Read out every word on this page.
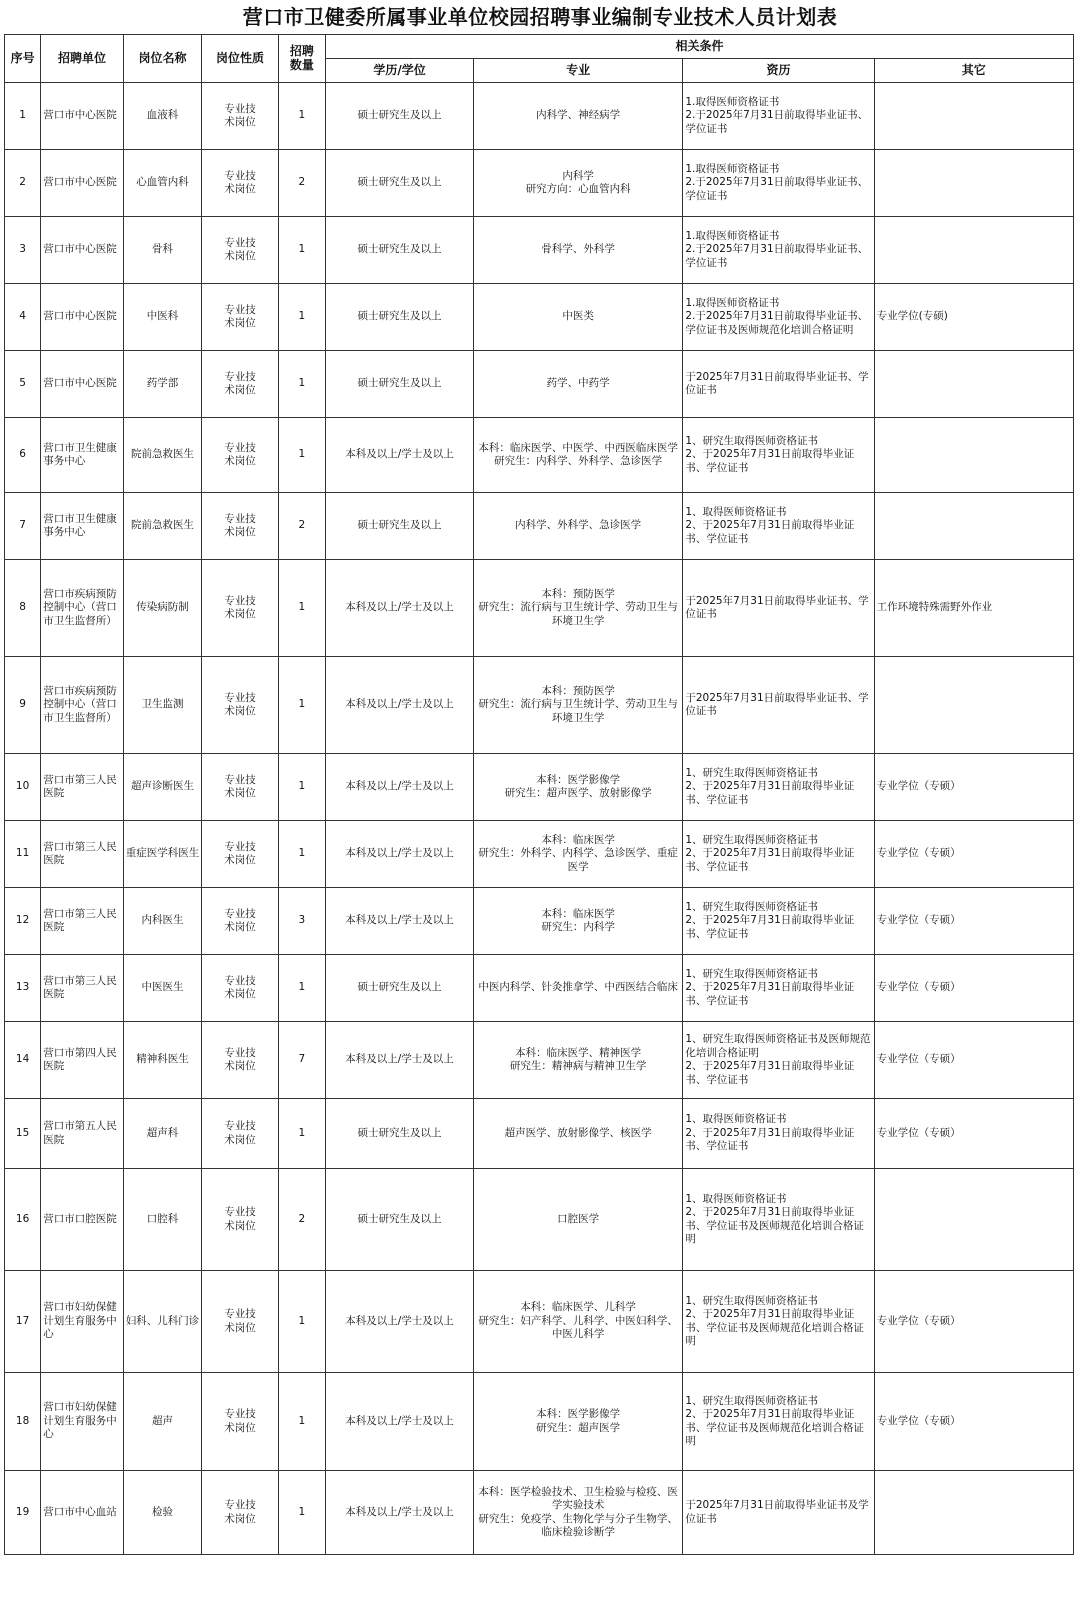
营口市卫健委所属事业单位校园招聘事业编制专业技术人员计划表
序号	招聘单位	岗位名称	岗位性质	招聘
数量	相关条件			
					学历/学位	专业	资历	其它
1	营口市中心医院	血液科	专业技
术岗位	1	硕士研究生及以上	内科学、神经病学	1.取得医师资格证书
2.于2025年7月31日前取得毕业证书、学位证书	
2	营口市中心医院	心血管内科	专业技
术岗位	2	硕士研究生及以上	内科学
研究方向：心血管内科	1.取得医师资格证书
2.于2025年7月31日前取得毕业证书、学位证书	
3	营口市中心医院	骨科	专业技
术岗位	1	硕士研究生及以上	骨科学、外科学	1.取得医师资格证书
2.于2025年7月31日前取得毕业证书、学位证书	
4	营口市中心医院	中医科	专业技
术岗位	1	硕士研究生及以上	中医类	1.取得医师资格证书
2.于2025年7月31日前取得毕业证书、学位证书及医师规范化培训合格证明	专业学位(专硕)
5	营口市中心医院	药学部	专业技
术岗位	1	硕士研究生及以上	药学、中药学	于2025年7月31日前取得毕业证书、学位证书	
6	营口市卫生健康事务中心	院前急救医生	专业技
术岗位	1	本科及以上/学士及以上	本科：临床医学、中医学、中西医临床医学
研究生：内科学、外科学、急诊医学	1、研究生取得医师资格证书
2、于2025年7月31日前取得毕业证书、学位证书	
7	营口市卫生健康事务中心	院前急救医生	专业技
术岗位	2	硕士研究生及以上	内科学、外科学、急诊医学	1、取得医师资格证书
2、于2025年7月31日前取得毕业证书、学位证书	
8	营口市疾病预防控制中心（营口市卫生监督所）	传染病防制	专业技
术岗位	1	本科及以上/学士及以上	本科：预防医学
研究生：流行病与卫生统计学、劳动卫生与环境卫生学	于2025年7月31日前取得毕业证书、学位证书	工作环境特殊需野外作业
9	营口市疾病预防控制中心（营口市卫生监督所）	卫生监测	专业技
术岗位	1	本科及以上/学士及以上	本科：预防医学
研究生：流行病与卫生统计学、劳动卫生与环境卫生学	于2025年7月31日前取得毕业证书、学位证书	
10	营口市第三人民医院	超声诊断医生	专业技
术岗位	1	本科及以上/学士及以上	本科：医学影像学
研究生：超声医学、放射影像学	1、研究生取得医师资格证书
2、于2025年7月31日前取得毕业证书、学位证书	专业学位（专硕）
11	营口市第三人民医院	重症医学科医生	专业技
术岗位	1	本科及以上/学士及以上	本科：临床医学
研究生：外科学、内科学、急诊医学、重症医学	1、研究生取得医师资格证书
2、于2025年7月31日前取得毕业证书、学位证书	专业学位（专硕）
12	营口市第三人民医院	内科医生	专业技
术岗位	3	本科及以上/学士及以上	本科：临床医学
研究生：内科学	1、研究生取得医师资格证书
2、于2025年7月31日前取得毕业证书、学位证书	专业学位（专硕）
13	营口市第三人民医院	中医医生	专业技
术岗位	1	硕士研究生及以上	中医内科学、针灸推拿学、中西医结合临床	1、研究生取得医师资格证书
2、于2025年7月31日前取得毕业证书、学位证书	专业学位（专硕）
14	营口市第四人民医院	精神科医生	专业技
术岗位	7	本科及以上/学士及以上	本科：临床医学、精神医学
研究生：精神病与精神卫生学	1、研究生取得医师资格证书及医师规范化培训合格证明
2、于2025年7月31日前取得毕业证书、学位证书	专业学位（专硕）
15	营口市第五人民医院	超声科	专业技
术岗位	1	硕士研究生及以上	超声医学、放射影像学、核医学	1、取得医师资格证书
2、于2025年7月31日前取得毕业证书、学位证书	专业学位（专硕）
16	营口市口腔医院	口腔科	专业技
术岗位	2	硕士研究生及以上	口腔医学	1、取得医师资格证书
2、于2025年7月31日前取得毕业证书、学位证书及医师规范化培训合格证明	
17	营口市妇幼保健计划生育服务中心	妇科、儿科门诊	专业技
术岗位	1	本科及以上/学士及以上	本科：临床医学、儿科学
研究生：妇产科学、儿科学、中医妇科学、中医儿科学	1、研究生取得医师资格证书
2、于2025年7月31日前取得毕业证书、学位证书及医师规范化培训合格证明	专业学位（专硕）
18	营口市妇幼保健计划生育服务中心	超声	专业技
术岗位	1	本科及以上/学士及以上	本科：医学影像学
研究生：超声医学	1、研究生取得医师资格证书
2、于2025年7月31日前取得毕业证书、学位证书及医师规范化培训合格证明	专业学位（专硕）
19	营口市中心血站	检验	专业技
术岗位	1	本科及以上/学士及以上	本科：医学检验技术、卫生检验与检疫、医学实验技术
研究生：免疫学、生物化学与分子生物学、临床检验诊断学	于2025年7月31日前取得毕业证书及学位证书	
